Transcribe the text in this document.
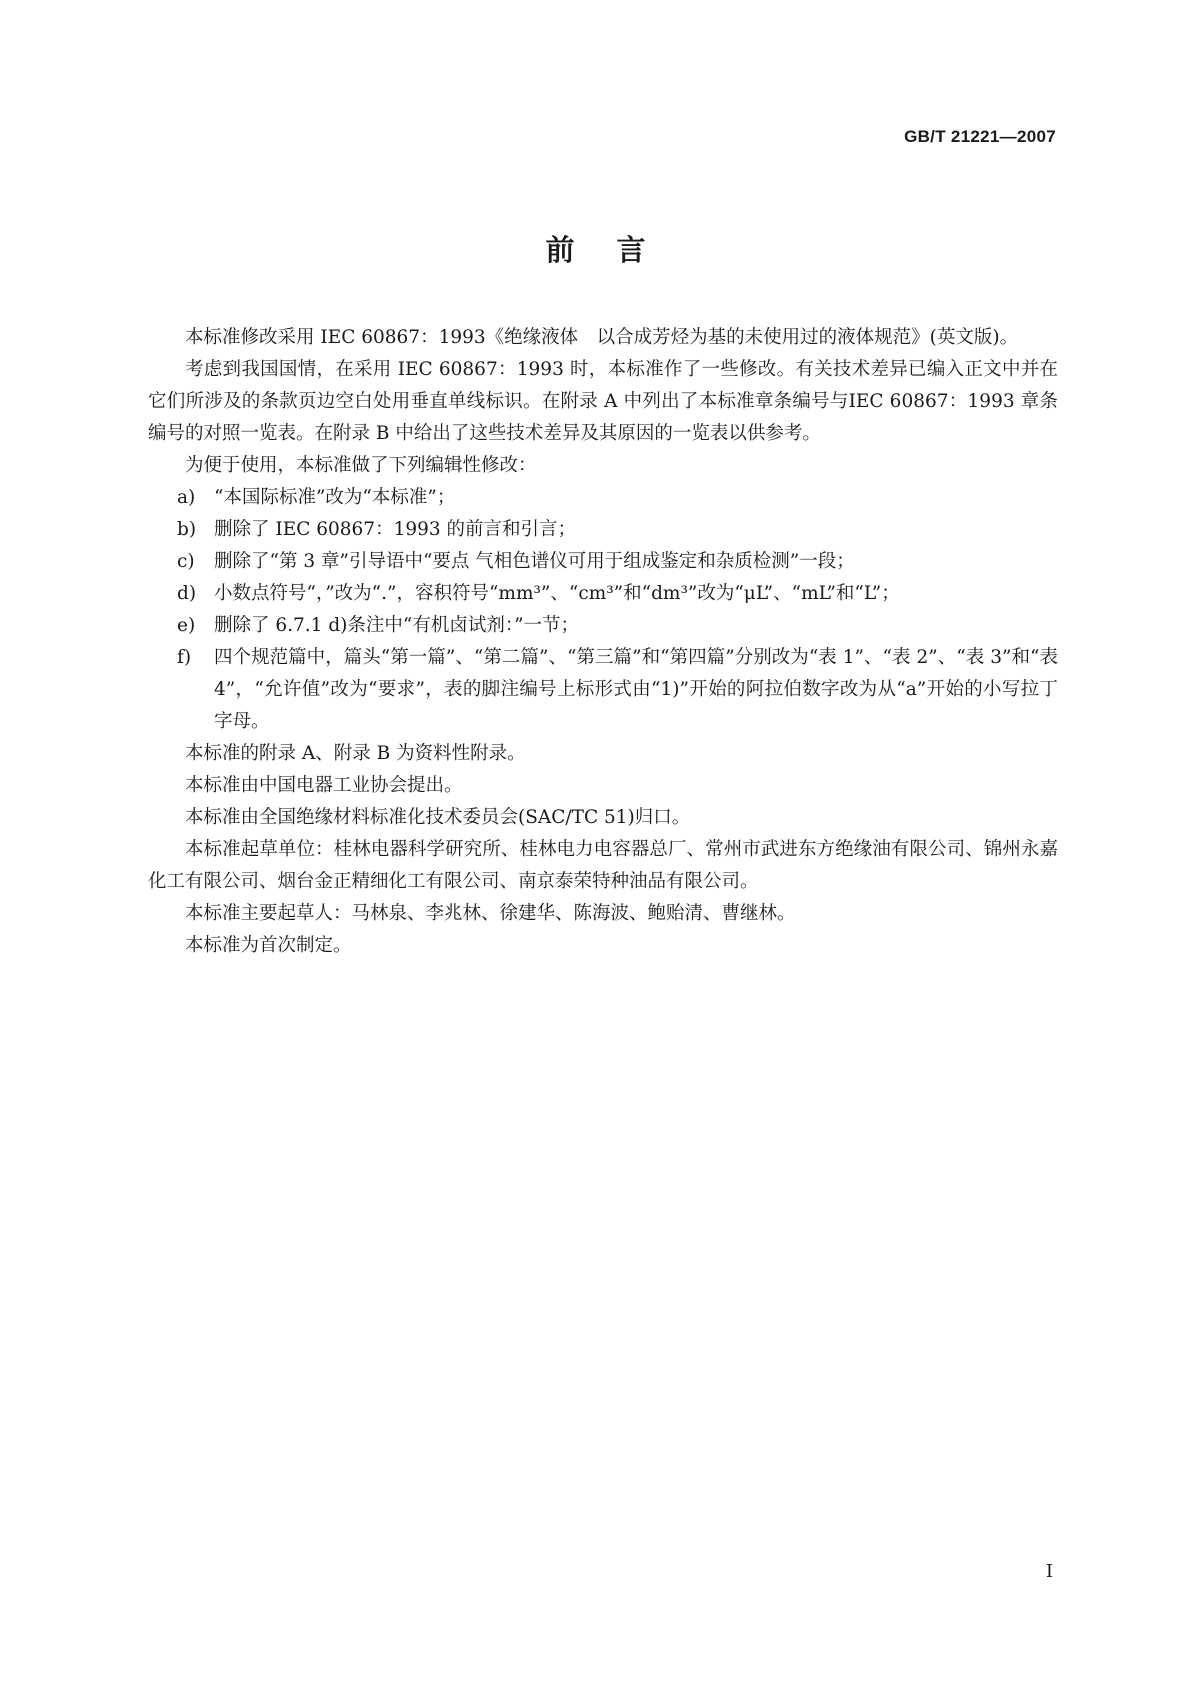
GB/T 21221—2007
前言

本标准修改采用 IEC 60867：1993《绝缘液体　以合成芳烃为基的未使用过的液体规范》(英文版)。

考虑到我国国情，在采用 IEC 60867：1993 时，本标准作了一些修改。有关技术差异已编入正文中并在它们所涉及的条款页边空白处用垂直单线标识。在附录 A 中列出了本标准章条编号与IEC 60867：1993 章条编号的对照一览表。在附录 B 中给出了这些技术差异及其原因的一览表以供参考。

为便于使用，本标准做了下列编辑性修改：

a)	“本国际标准”改为“本标准”；
b) 删除了 IEC 60867：1993 的前言和引言；
c)	删除了“第 3 章”引导语中“要点 气相色谱仪可用于组成鉴定和杂质检测”一段；
d) 小数点符号“，”改为“.”，容积符号“mm³”、“cm³”和“dm³”改为“μL”、“mL”和“L”；
e)	删除了 6.7.1 d)条注中“有机卤试剂：”一节；
f)	四个规范篇中，篇头“第一篇”、“第二篇”、“第三篇”和“第四篇”分别改为“表 1”、“表 2”、“表 3”和“表 4”，“允许值”改为“要求”，表的脚注编号上标形式由“1)”开始的阿拉伯数字改为从“a”开始的小写拉丁字母。

本标准的附录 A、附录 B 为资料性附录。

本标准由中国电器工业协会提出。

本标准由全国绝缘材料标准化技术委员会(SAC/TC 51)归口。

本标准起草单位：桂林电器科学研究所、桂林电力电容器总厂、常州市武进东方绝缘油有限公司、锦州永嘉化工有限公司、烟台金正精细化工有限公司、南京泰荣特种油品有限公司。

本标准主要起草人：马林泉、李兆林、徐建华、陈海波、鲍贻清、曹继林。

本标准为首次制定。

I
